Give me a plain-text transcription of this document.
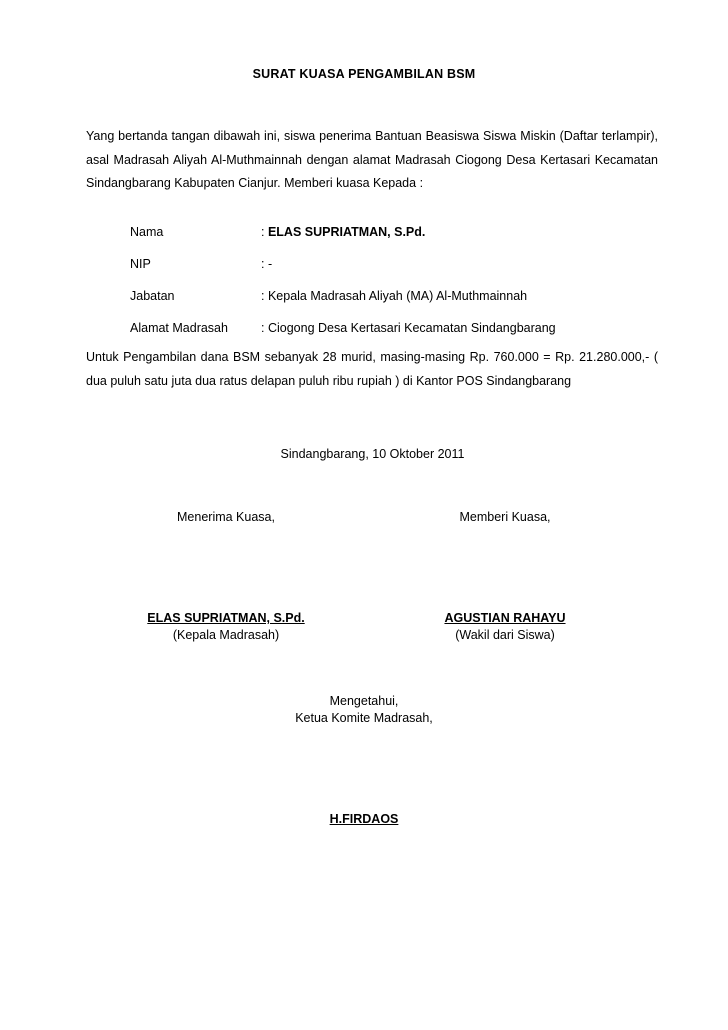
SURAT KUASA PENGAMBILAN BSM
Yang bertanda tangan dibawah ini, siswa penerima Bantuan Beasiswa Siswa Miskin (Daftar terlampir), asal Madrasah Aliyah Al-Muthmainnah dengan alamat Madrasah Ciogong Desa Kertasari Kecamatan Sindangbarang Kabupaten Cianjur. Memberi kuasa Kepada :
Nama	: ELAS SUPRIATMAN, S.Pd.
NIP	: -
Jabatan	: Kepala Madrasah Aliyah (MA) Al-Muthmainnah
Alamat Madrasah	: Ciogong Desa Kertasari Kecamatan Sindangbarang
Untuk Pengambilan dana BSM sebanyak 28 murid, masing-masing Rp. 760.000 = Rp. 21.280.000,- ( dua puluh satu juta dua ratus delapan puluh ribu rupiah ) di Kantor POS Sindangbarang
Sindangbarang, 10 Oktober 2011
Menerima Kuasa,
ELAS SUPRIATMAN, S.Pd.
(Kepala Madrasah)
Memberi Kuasa,
AGUSTIAN RAHAYU
(Wakil dari Siswa)
Mengetahui,
Ketua Komite Madrasah,
H.FIRDAOS
